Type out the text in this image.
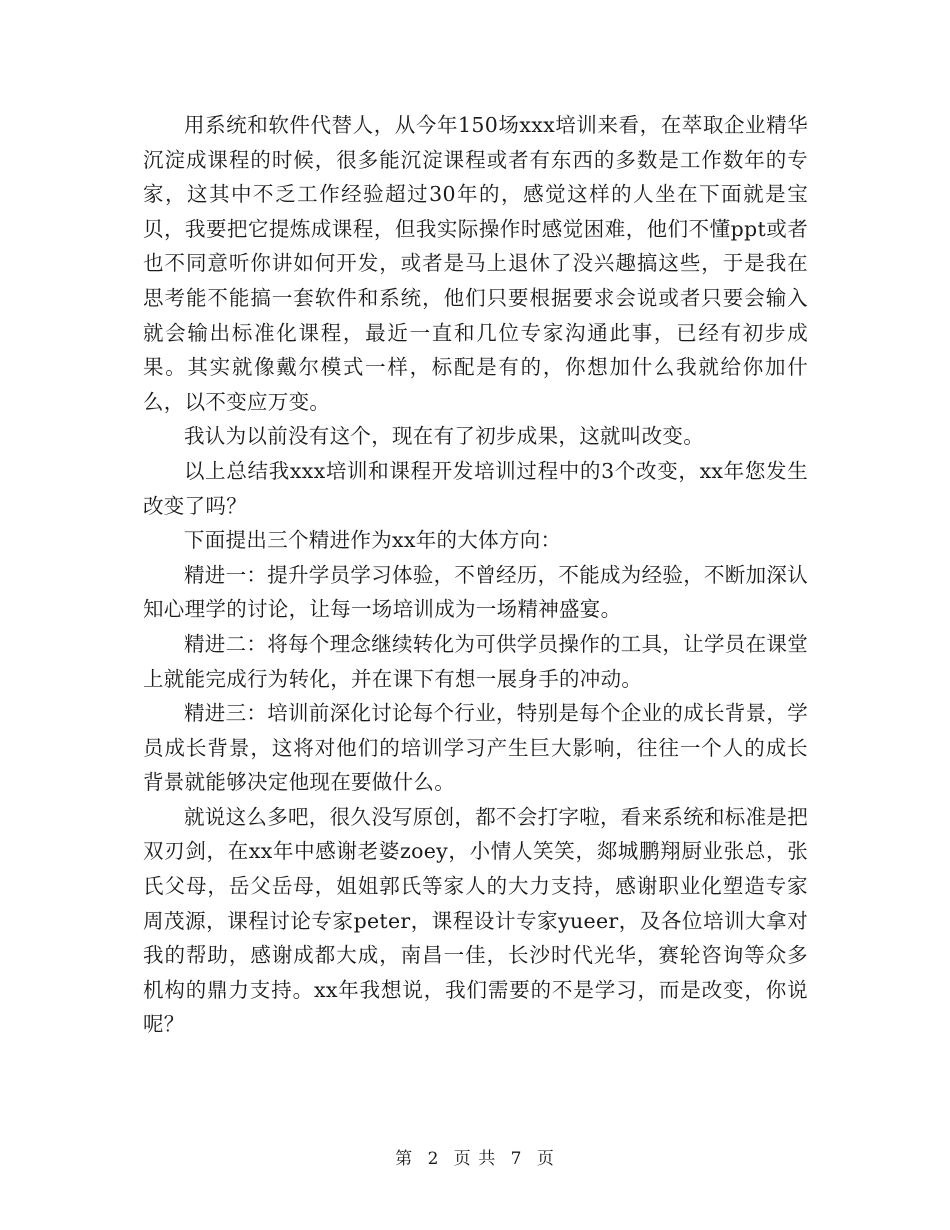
用系统和软件代替人，从今年150场xxx培训来看，在萃取企业精华沉淀成课程的时候，很多能沉淀课程或者有东西的多数是工作数年的专家，这其中不乏工作经验超过30年的，感觉这样的人坐在下面就是宝贝，我要把它提炼成课程，但我实际操作时感觉困难，他们不懂ppt或者也不同意听你讲如何开发，或者是马上退休了没兴趣搞这些，于是我在思考能不能搞一套软件和系统，他们只要根据要求会说或者只要会输入就会输出标准化课程，最近一直和几位专家沟通此事，已经有初步成果。其实就像戴尔模式一样，标配是有的，你想加什么我就给你加什么，以不变应万变。

我认为以前没有这个，现在有了初步成果，这就叫改变。

以上总结我xxx培训和课程开发培训过程中的3个改变，xx年您发生改变了吗？

下面提出三个精进作为xx年的大体方向：

精进一：提升学员学习体验，不曾经历，不能成为经验，不断加深认知心理学的讨论，让每一场培训成为一场精神盛宴。

精进二：将每个理念继续转化为可供学员操作的工具，让学员在课堂上就能完成行为转化，并在课下有想一展身手的冲动。

精进三：培训前深化讨论每个行业，特别是每个企业的成长背景，学员成长背景，这将对他们的培训学习产生巨大影响，往往一个人的成长背景就能够决定他现在要做什么。

就说这么多吧，很久没写原创，都不会打字啦，看来系统和标准是把双刃剑，在xx年中感谢老婆zoey，小情人笑笑，郯城鹏翔厨业张总，张氏父母，岳父岳母，姐姐郭氏等家人的大力支持，感谢职业化塑造专家周茂源，课程讨论专家peter，课程设计专家yueer，及各位培训大拿对我的帮助，感谢成都大成，南昌一佳，长沙时代光华，赛轮咨询等众多机构的鼎力支持。xx年我想说，我们需要的不是学习，而是改变，你说呢？

第 2 页 共 7 页
